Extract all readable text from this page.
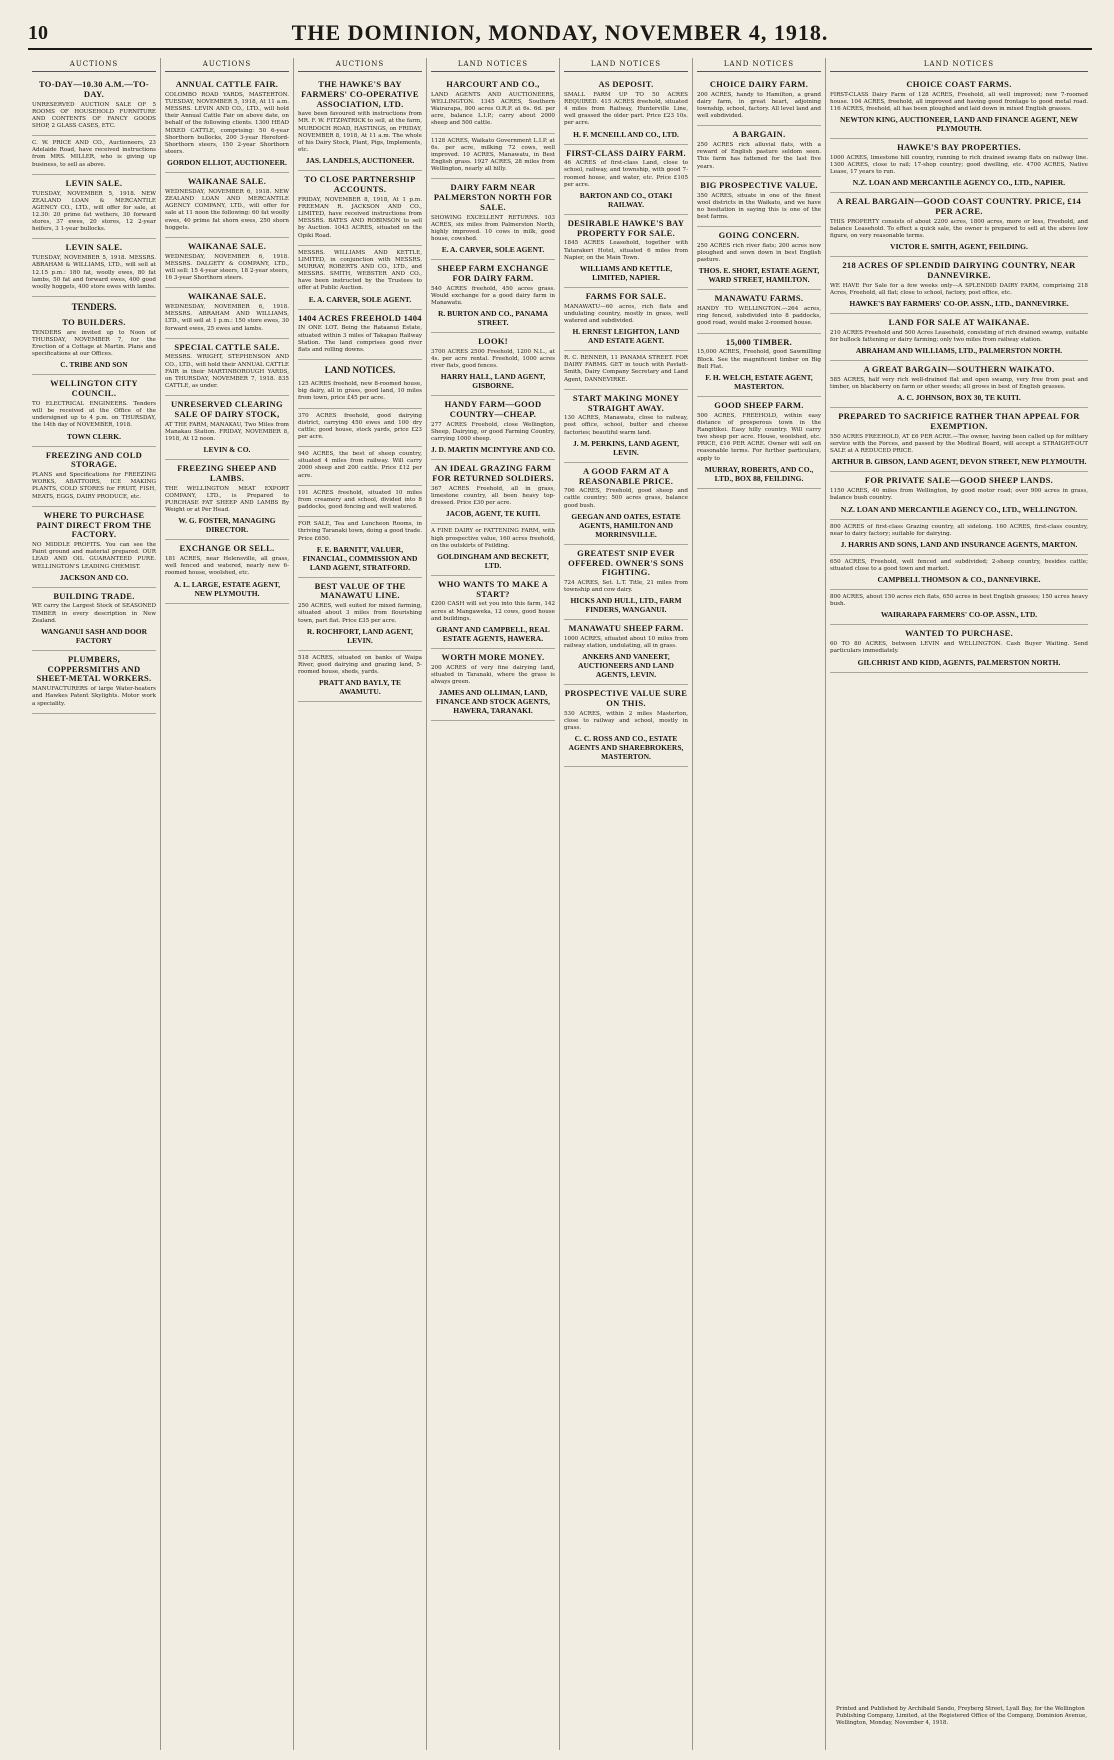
10	THE DOMINION, MONDAY, NOVEMBER 4, 1918.
AUCTIONS
TO-DAY—10.30 A.M.—TO-DAY.

UNRESERVED AUCTION SALE OF 5 ROOMS OF HOUSEHOLD FURNITURE AND CONTENTS OF FANCY GOODS SHOP, 2 GLASS CASES, ETC.

C. W. PRICE AND CO., Auctioneers, 23 Adelaide Road, have received instructions from MRS. MILLER, who is giving up business, to sell as above.

LEVIN SALE.

TUESDAY, NOVEMBER 5, 1918. NEW ZEALAND LOAN & MERCANTILE AGENCY CO., LTD., will offer for sale, at 12.30: 20 prime fat wethers, 30 forward stores, 37 ewes, 20 stores, 12 2-year heifers, 3 1-year bullocks.

LEVIN SALE.

TUESDAY, NOVEMBER 5, 1918. MESSRS. ABRAHAM & WILLIAMS, LTD., will sell at 12.15 p.m.: 180 fat, woolly ewes, 80 fat lambs, 50 fat and forward ewes, 400 good woolly hoggets, 400 store ewes with lambs.

TENDERS.
TO BUILDERS.

TENDERS are invited up to Noon of THURSDAY, NOVEMBER 7, for the Erection of a Cottage at Martin. Plans and specifications at our Offices.

C. TRIBE AND SON
WELLINGTON CITY COUNCIL.

TO ELECTRICAL ENGINEERS. Tenders will be received at the Office of the undersigned up to 4 p.m. on THURSDAY, the 14th day of NOVEMBER, 1918.

TOWN CLERK.
FREEZING AND COLD STORAGE.

PLANS and Specifications for FREEZING WORKS, ABATTOIRS, ICE MAKING PLANTS, COLD STORES for FRUIT, FISH, MEATS, EGGS, DAIRY PRODUCE, etc.

WHERE TO PURCHASE PAINT DIRECT FROM THE FACTORY.

NO MIDDLE PROFITS. You can see the Paint ground and material prepared. OUR LEAD AND OIL GUARANTEED PURE. WELLINGTON'S LEADING CHEMIST.

JACKSON AND CO.
BUILDING TRADE.

WE carry the Largest Stock of SEASONED TIMBER in every description in New Zealand.

WANGANUI SASH AND DOOR FACTORY
PLUMBERS, COPPERSMITHS AND SHEET-METAL WORKERS.

MANUFACTURERS of large Water-heaters and Hawkes Patent Skylights. Motor work a speciality.

AUCTIONS
ANNUAL CATTLE FAIR.

COLOMBO ROAD YARDS, MASTERTON. TUESDAY, NOVEMBER 5, 1918, At 11 a.m. MESSRS. LEVIN AND CO., LTD., will hold their Annual Cattle Fair on above date, on behalf of the following clients. 1300 HEAD MIXED CATTLE, comprising: 50 6-year Shorthorn bullocks, 200 3-year Hereford-Shorthorn steers, 150 2-year Shorthorn steers.

GORDON ELLIOT, AUCTIONEER.
WAIKANAE SALE.

WEDNESDAY, NOVEMBER 6, 1918. NEW ZEALAND LOAN AND MERCANTILE AGENCY COMPANY, LTD., will offer for sale at 11 noon the following: 60 fat woolly ewes, 40 prime fat shorn ewes, 250 shorn hoggets.

WAIKANAE SALE.

WEDNESDAY, NOVEMBER 6, 1918. MESSRS. DALGETY & COMPANY, LTD., will sell: 15 4-year steers, 18 2-year steers, 16 3-year Shorthorn steers.

WAIKANAE SALE.

WEDNESDAY, NOVEMBER 6, 1918. MESSRS. ABRAHAM AND WILLIAMS, LTD., will sell at 1 p.m.: 150 store ewes, 30 forward ewes, 25 ewes and lambs.

SPECIAL CATTLE SALE.

MESSRS. WRIGHT, STEPHENSON AND CO., LTD., will hold their ANNUAL CATTLE FAIR in their MARTINBOROUGH YARDS, on THURSDAY, NOVEMBER 7, 1918. 835 CATTLE, as under.

UNRESERVED CLEARING SALE OF DAIRY STOCK,

AT THE FARM, MANAKAU, Two Miles from Manakau Station. FRIDAY, NOVEMBER 8, 1918, At 12 noon.

LEVIN & CO.
FREEZING SHEEP AND LAMBS.

THE WELLINGTON MEAT EXPORT COMPANY, LTD., is Prepared to PURCHASE FAT SHEEP AND LAMBS By Weight or at Per Head.

W. G. FOSTER, MANAGING DIRECTOR.
EXCHANGE OR SELL.

181 ACRES, near Helensville, all grass, well fenced and watered, nearly new 6-roomed house, woolshed, etc.

A. L. LARGE, ESTATE AGENT, NEW PLYMOUTH.
AUCTIONS
THE HAWKE'S BAY FARMERS' CO-OPERATIVE ASSOCIATION, LTD.

have been favoured with instructions from MR. F. W. FITZPATRICK to sell, at the farm, MURDOCH ROAD, HASTINGS, on FRIDAY, NOVEMBER 8, 1918, At 11 a.m. The whole of his Dairy Stock, Plant, Pigs, Implements, etc.

JAS. LANDELS, AUCTIONEER.
TO CLOSE PARTNERSHIP ACCOUNTS.

FRIDAY, NOVEMBER 8, 1918, At 1 p.m. FREEMAN R. JACKSON AND CO., LIMITED, have received instructions from MESSRS. BATES AND ROBINSON to sell by Auction. 1043 ACRES, situated on the Opiki Road.

MESSRS. WILLIAMS AND KETTLE, LIMITED, in conjunction with MESSRS. MURRAY, ROBERTS AND CO., LTD., and MESSRS. SMITH, WEBSTER AND CO., have been instructed by the Trustees to offer at Public Auction.

E. A. CARVER, SOLE AGENT.
1404 ACRES FREEHOLD 1404

IN ONE LOT. Being the Rataanui Estate, situated within 3 miles of Takapau Railway Station. The land comprises good river flats and rolling downs.

LAND NOTICES.

125 ACRES freehold, new 8-roomed house, big dairy, all in grass, good land, 10 miles from town, price £45 per acre.

370 ACRES freehold, good dairying district, carrying 450 ewes and 100 dry cattle; good house, stock yards, price £23 per acre.

940 ACRES, the best of sheep country, situated 4 miles from railway. Will carry 2000 sheep and 200 cattle. Price £12 per acre.

191 ACRES freehold, situated 10 miles from creamery and school, divided into 8 paddocks, good fencing and well watered.

FOR SALE, Tea and Luncheon Rooms, in thriving Taranaki town, doing a good trade. Price £650.

F. E. BARNITT, VALUER, FINANCIAL, COMMISSION AND LAND AGENT, STRATFORD.
BEST VALUE OF THE MANAWATU LINE.

250 ACRES, well suited for mixed farming, situated about 3 miles from flourishing town, part flat. Price £35 per acre.

R. ROCHFORT, LAND AGENT, LEVIN.

518 ACRES, situated on banks of Waipa River, good dairying and grazing land, 5-roomed house, sheds, yards.

PRATT AND BAYLY, TE AWAMUTU.
LAND NOTICES
HARCOURT AND CO.,

LAND AGENTS AND AUCTIONEERS, WELLINGTON. 1345 ACRES, Southern Wairarapa, 800 acres O.R.P. at 6s. 6d. per acre, balance L.I.P.; carry about 2000 sheep and 500 cattle.

1128 ACRES, Waikato Government L.I.P. at 6s. per acre, milking 72 cows, well improved. 10 ACRES, Manawatu, in Best English grass. 1927 ACRES, 28 miles from Wellington, nearly all hilly.

DAIRY FARM NEAR PALMERSTON NORTH FOR SALE.

SHOWING EXCELLENT RETURNS. 103 ACRES, six miles from Palmerston North, highly improved. 10 cows in milk, good house, cowshed.

E. A. CARVER, SOLE AGENT.
SHEEP FARM EXCHANGE FOR DAIRY FARM.

540 ACRES freehold, 450 acres grass. Would exchange for a good dairy farm in Manawatu.

R. BURTON AND CO., PANAMA STREET.
LOOK!

3700 ACRES 2500 Freehold, 1200 N.L., at 4s. per acre rental. Freehold, 1000 acres river flats, good fences.

HARRY HALL, LAND AGENT, GISBORNE.
HANDY FARM—GOOD COUNTRY—CHEAP.

277 ACRES Freehold, close Wellington, Sheep, Dairying, or good Farming Country, carrying 1000 sheep.

J. D. MARTIN MCINTYRE AND CO.
AN IDEAL GRAZING FARM FOR RETURNED SOLDIERS.

367 ACRES Freehold, all in grass, limestone country, all been heavy top-dressed. Price £30 per acre.

JACOB, AGENT, TE KUITI.

A FINE DAIRY or FATTENING FARM, with high prospective value, 160 acres freehold, on the outskirts of Feilding.

GOLDINGHAM AND BECKETT, LTD.
WHO WANTS TO MAKE A START?

£200 CASH will set you into this farm, 142 acres at Mangaweka, 12 cows, good house and buildings.

GRANT AND CAMPBELL, REAL ESTATE AGENTS, HAWERA.
WORTH MORE MONEY.

200 ACRES of very fine dairying land, situated in Taranaki, where the grass is always green.

JAMES AND OLLIMAN, LAND, FINANCE AND STOCK AGENTS, HAWERA, TARANAKI.
LAND NOTICES
AS DEPOSIT.

SMALL FARM UP TO 50 ACRES REQUIRED. 415 ACRES freehold, situated 4 miles from Railway, Hunterville Line, well grassed the older part. Price £23 10s. per acre.

H. F. MCNEILL AND CO., LTD.
FIRST-CLASS DAIRY FARM.

46 ACRES of first-class Land, close to school, railway, and township, with good 7-roomed house, and water, etc. Price £105 per acre.

BARTON AND CO., OTAKI RAILWAY.
DESIRABLE HAWKE'S BAY PROPERTY FOR SALE.

1845 ACRES Leasehold, together with Tatarakeri Hotel, situated 6 miles from Napier, on the Main Town.

WILLIAMS AND KETTLE, LIMITED, NAPIER.
FARMS FOR SALE.

MANAWATU—60 acres, rich flats and undulating country, mostly in grass, well watered and subdivided.

H. ERNEST LEIGHTON, LAND AND ESTATE AGENT.

R. C. RENNER, 11 PANAMA STREET. FOR DAIRY FARMS. GET in touch with Pavlatt-Smith, Dairy Company Secretary and Land Agent, DANNEVIRKE.

START MAKING MONEY STRAIGHT AWAY.

130 ACRES, Manawatu, close to railway, post office, school, butter and cheese factories; beautiful warm land.

J. M. PERKINS, LAND AGENT, LEVIN.
A GOOD FARM AT A REASONABLE PRICE.

706 ACRES, Freehold, good sheep and cattle country; 500 acres grass, balance good bush.

GEEGAN AND OATES, ESTATE AGENTS, HAMILTON AND MORRINSVILLE.
GREATEST SNIP EVER OFFERED. OWNER'S SONS FIGHTING.

724 ACRES, Set. L.T. Title, 21 miles from township and cow dairy.

HICKS AND HULL, LTD., FARM FINDERS, WANGANUI.
MANAWATU SHEEP FARM.

1000 ACRES, situated about 10 miles from railway station, undulating, all in grass.

ANKERS AND VANEERT, AUCTIONEERS AND LAND AGENTS, LEVIN.
PROSPECTIVE VALUE SURE ON THIS.

530 ACRES, within 2 miles Masterton, close to railway and school, mostly in grass.

C. C. ROSS AND CO., ESTATE AGENTS AND SHAREBROKERS, MASTERTON.
LAND NOTICES
CHOICE DAIRY FARM.

200 ACRES, handy to Hamilton, a grand dairy farm, in great heart, adjoining township, school, factory. All level land and well subdivided.

A BARGAIN.

250 ACRES rich alluvial flats, with a reward of English pasture seldom seen. This farm has fattened for the last five years.

BIG PROSPECTIVE VALUE.

350 ACRES, situate in one of the finest wool districts in the Waikato, and we have no hesitation in saying this is one of the best farms.

GOING CONCERN.

250 ACRES rich river flats; 200 acres now ploughed and sown down in best English pasture.

THOS. E. SHORT, ESTATE AGENT, WARD STREET, HAMILTON.
MANAWATU FARMS.

HANDY TO WELLINGTON.—264 acres, ring fenced, subdivided into 8 paddocks, good road, would make 2-roomed house.

15,000 TIMBER.

15,000 ACRES, Freehold, good Sawmilling Block. See the magnificent timber on Big Bull Flat.

F. H. WELCH, ESTATE AGENT, MASTERTON.
GOOD SHEEP FARM.

500 ACRES, FREEHOLD, within easy distance of prosperous town in the Rangitikei. Easy hilly country. Will carry two sheep per acre. House, woolshed, etc. PRICE, £16 PER ACRE. Owner will sell on reasonable terms. For further particulars, apply to

MURRAY, ROBERTS, AND CO., LTD., BOX 88, FEILDING.
LAND NOTICES
CHOICE COAST FARMS.

FIRST-CLASS Dairy Farm of 128 ACRES, Freehold, all well improved; new 7-roomed house. 104 ACRES, freehold, all improved and having good frontage to good metal road. 116 ACRES, freehold, all has been ploughed and laid down in mixed English grasses.

NEWTON KING, AUCTIONEER, LAND AND FINANCE AGENT, NEW PLYMOUTH.
HAWKE'S BAY PROPERTIES.

1000 ACRES, limestone hill country, running to rich drained swamp flats on railway line. 1300 ACRES, close to rail; 17-shop country; good dwelling, etc. 4700 ACRES, Native Lease, 17 years to run.

N.Z. LOAN AND MERCANTILE AGENCY CO., LTD., NAPIER.
A REAL BARGAIN—GOOD COAST COUNTRY. PRICE, £14 PER ACRE.

THIS PROPERTY consists of about 2200 acres, 1800 acres, more or less, Freehold, and balance Leasehold. To effect a quick sale, the owner is prepared to sell at the above low figure, on very reasonable terms.

VICTOR E. SMITH, AGENT, FEILDING.
218 ACRES OF SPLENDID DAIRYING COUNTRY, NEAR DANNEVIRKE.

WE HAVE For Sale for a few weeks only—A SPLENDID DAIRY FARM, comprising 218 Acres, Freehold, all flat; close to school, factory, post office, etc.

HAWKE'S BAY FARMERS' CO-OP. ASSN., LTD., DANNEVIRKE.
LAND FOR SALE AT WAIKANAE.

210 ACRES Freehold and 500 Acres Leasehold, consisting of rich drained swamp, suitable for bullock fattening or dairy farming; only two miles from railway station.

ABRAHAM AND WILLIAMS, LTD., PALMERSTON NORTH.
A GREAT BARGAIN—SOUTHERN WAIKATO.

585 ACRES, half very rich well-drained flat and open swamp, very free from peat and timber, on blackberry on farm or other weeds; all grows in best of English grasses.

A. C. JOHNSON, BOX 30, TE KUITI.
PREPARED TO SACRIFICE RATHER THAN APPEAL FOR EXEMPTION.

550 ACRES FREEHOLD, AT £6 PER ACRE.—The owner, having been called up for military service with the Forces, and passed by the Medical Board, will accept a STRAIGHT-OUT SALE at A REDUCED PRICE.

ARTHUR B. GIBSON, LAND AGENT, DEVON STREET, NEW PLYMOUTH.
FOR PRIVATE SALE—GOOD SHEEP LANDS.

1150 ACRES, 40 miles from Wellington, by good motor road; over 900 acres in grass, balance bush country.

N.Z. LOAN AND MERCANTILE AGENCY CO., LTD., WELLINGTON.

800 ACRES of first-class Grazing country, all sidelong. 160 ACRES, first-class country, near to dairy factory; suitable for dairying.

J. HARRIS AND SONS, LAND AND INSURANCE AGENTS, MARTON.

650 ACRES, Freehold, well fenced and subdivided; 2-sheep country, besides cattle; situated close to a good town and market.

CAMPBELL THOMSON & CO., DANNEVIRKE.

800 ACRES, about 150 acres rich flats, 650 acres in best English grasses; 150 acres heavy bush.

WAIRARAPA FARMERS' CO-OP. ASSN., LTD.
WANTED TO PURCHASE.

60 TO 80 ACRES, between LEVIN and WELLINGTON. Cash Buyer Waiting. Send particulars immediately.

GILCHRIST AND KIDD, AGENTS, PALMERSTON NORTH.
Printed and Published by Archibald Sando, Freyberg Street, Lyall Bay, for the Wellington Publishing Company, Limited, at the Registered Office of the Company, Dominion Avenue, Wellington, Monday, November 4, 1918.
